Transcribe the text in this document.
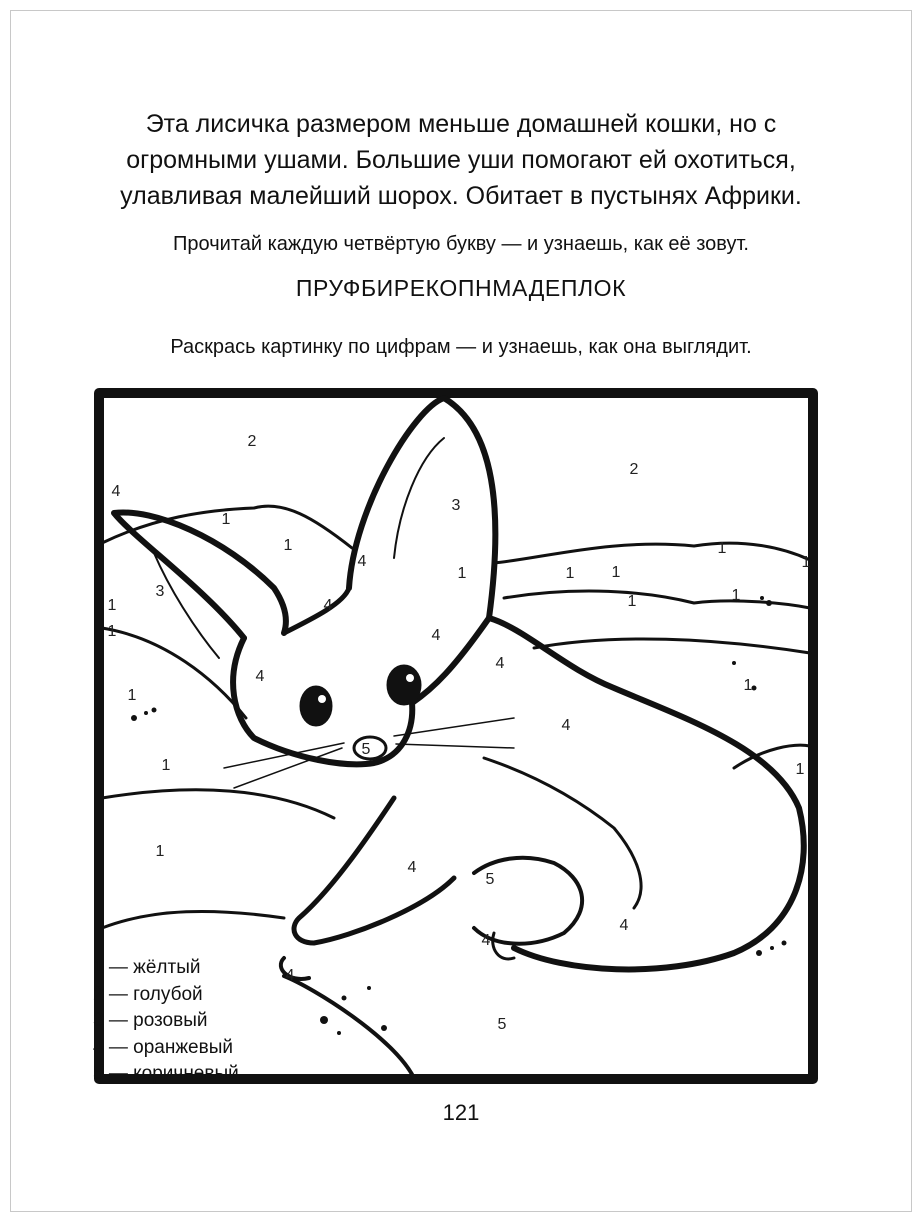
Эта лисичка размером меньше домашней кошки, но с огромными ушами. Большие уши помогают ей охотиться, улавливая малейший шорох. Обитает в пустынях Африки.
Прочитай каждую четвёртую букву — и узнаешь, как её зовут.
ПРУФБИРЕКОПНМАДЕПЛОК
Раскрась картинку по цифрам — и узнаешь, как она выглядит.
2
2
4
1
1
3
4
4
1	1 1
1	1
3
1	4
1
1
4
4
4
1
1
4
5
1
1
4
5
4
4
5
1
1
1 — жёлтый
2 — голубой
3 — розовый
4 — оранжевый
5 — коричневый
121
